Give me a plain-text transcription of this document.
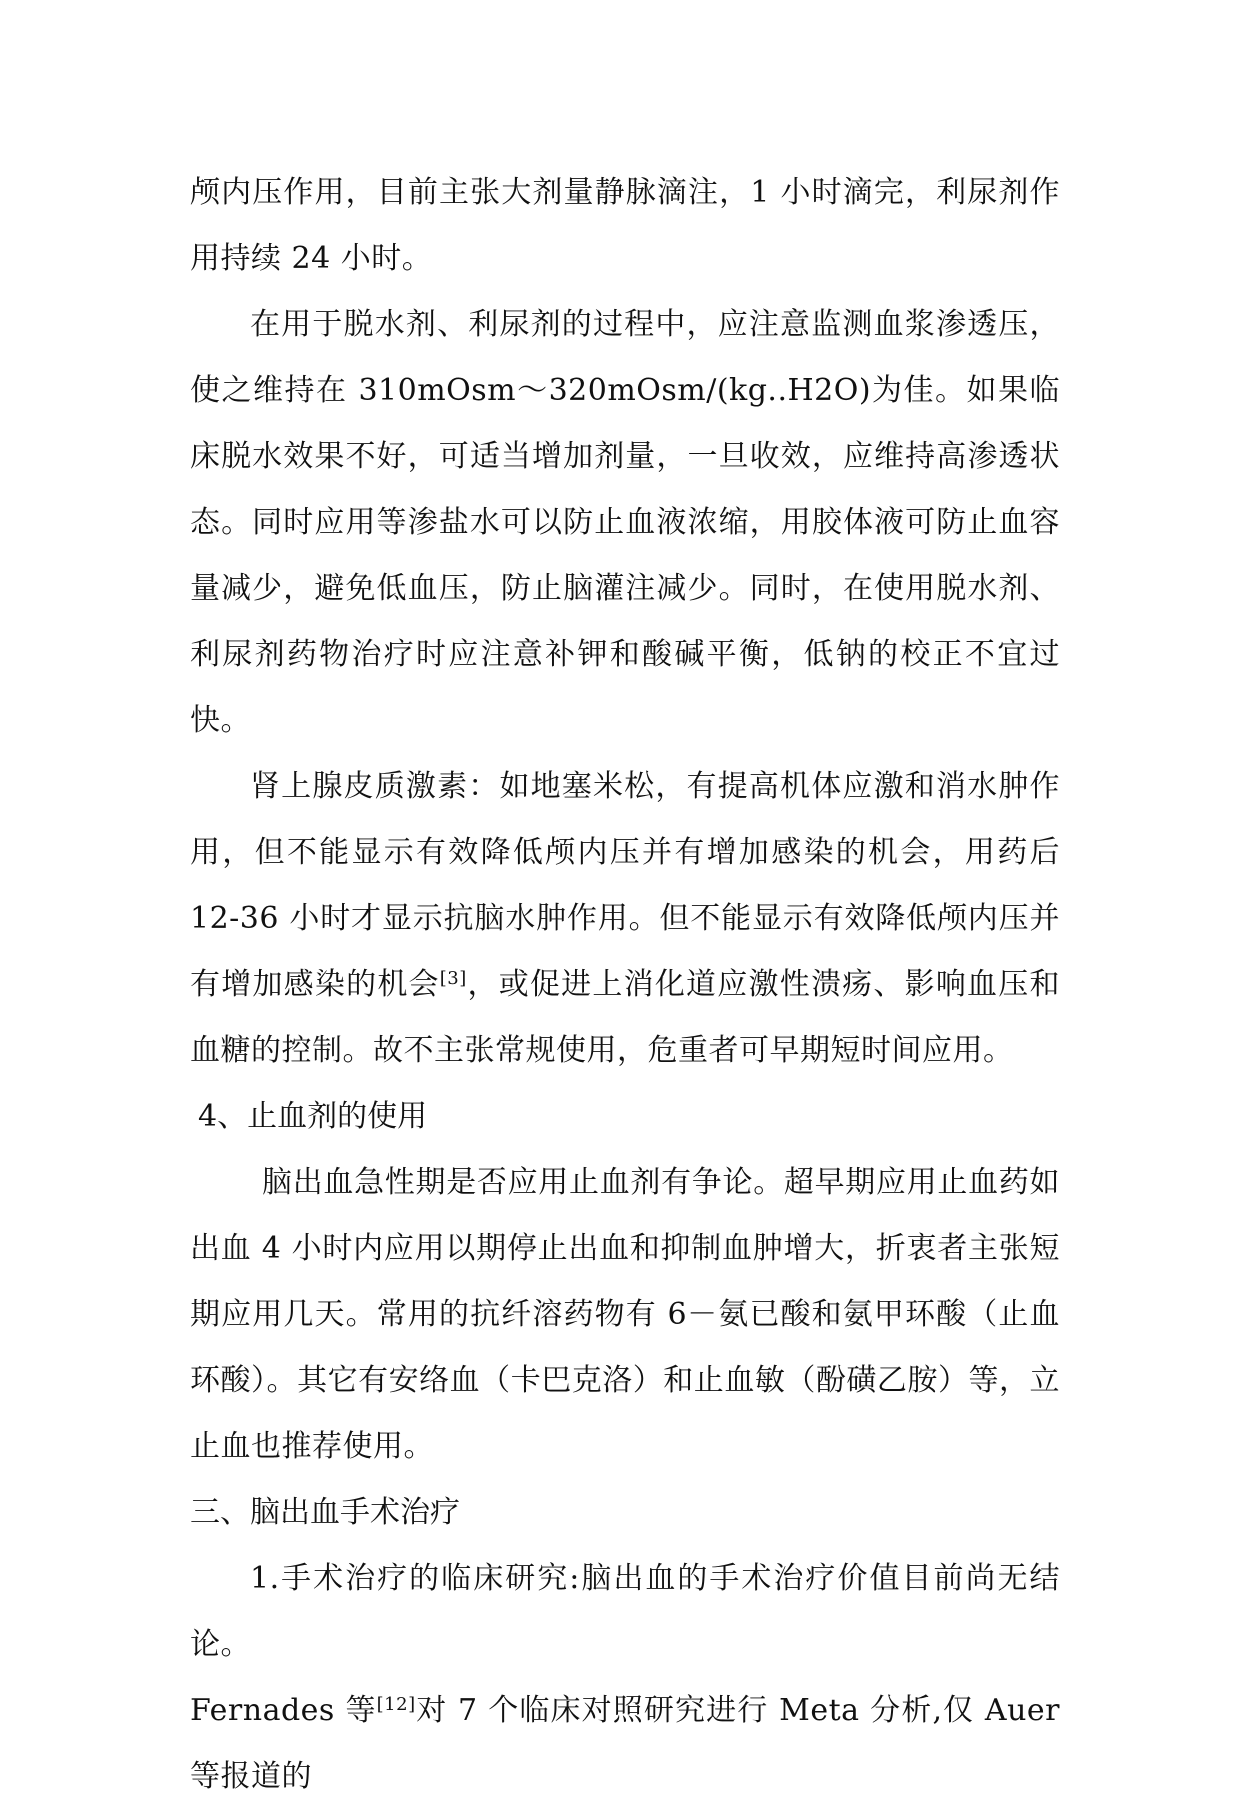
颅内压作用，目前主张大剂量静脉滴注，1 小时滴完，利尿剂作用持续 24 小时。

在用于脱水剂、利尿剂的过程中，应注意监测血浆渗透压，使之维持在 310mOsm～320mOsm/(kg..H2O)为佳。如果临床脱水效果不好，可适当增加剂量，一旦收效，应维持高渗透状态。同时应用等渗盐水可以防止血液浓缩，用胶体液可防止血容量减少，避免低血压，防止脑灌注减少。同时，在使用脱水剂、利尿剂药物治疗时应注意补钾和酸碱平衡，低钠的校正不宜过快。

肾上腺皮质激素：如地塞米松，有提高机体应激和消水肿作用，但不能显示有效降低颅内压并有增加感染的机会，用药后 12-36 小时才显示抗脑水肿作用。但不能显示有效降低颅内压并有增加感染的机会[3]，或促进上消化道应激性溃疡、影响血压和血糖的控制。故不主张常规使用，危重者可早期短时间应用。

4、止血剂的使用

脑出血急性期是否应用止血剂有争论。超早期应用止血药如出血 4 小时内应用以期停止出血和抑制血肿增大，折衷者主张短期应用几天。常用的抗纤溶药物有 6－氨已酸和氨甲环酸（止血环酸）。其它有安络血（卡巴克洛）和止血敏（酚磺乙胺）等，立止血也推荐使用。

三、脑出血手术治疗

1.手术治疗的临床研究:脑出血的手术治疗价值目前尚无结论。

Fernades 等[12]对 7 个临床对照研究进行 Meta 分析,仅 Auer 等报道的
